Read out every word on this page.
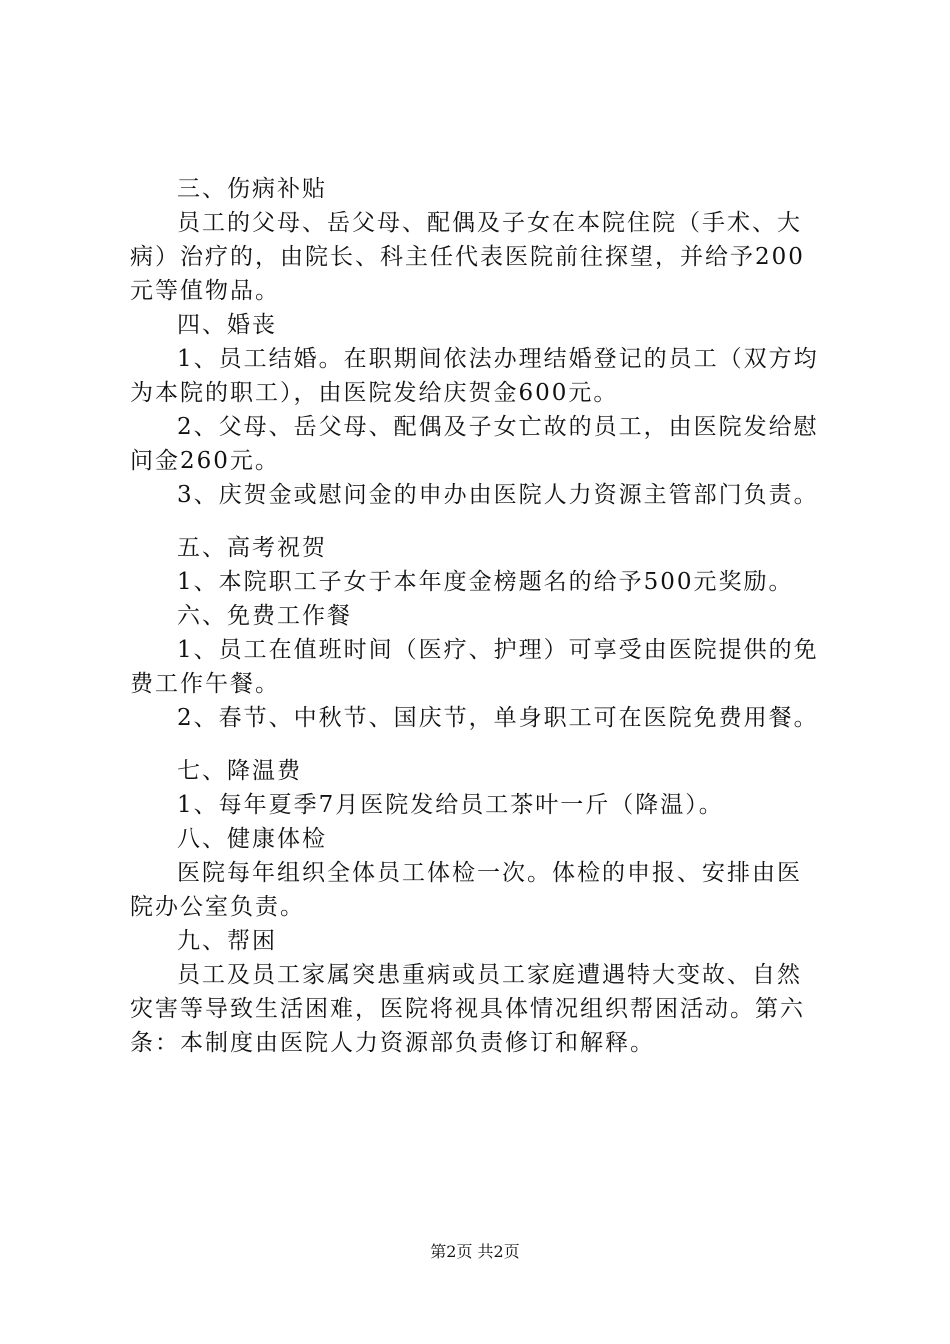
三、伤病补贴
员工的父母、岳父母、配偶及子女在本院住院（手术、大
病）治疗的，由院长、科主任代表医院前往探望，并给予200
元等值物品。
四、婚丧
1、员工结婚。在职期间依法办理结婚登记的员工（双方均
为本院的职工），由医院发给庆贺金600元。
2、父母、岳父母、配偶及子女亡故的员工，由医院发给慰
问金260元。
3、庆贺金或慰问金的申办由医院人力资源主管部门负责。
五、高考祝贺
1、本院职工子女于本年度金榜题名的给予500元奖励。
六、免费工作餐
1、员工在值班时间（医疗、护理）可享受由医院提供的免
费工作午餐。
2、春节、中秋节、国庆节，单身职工可在医院免费用餐。
七、降温费
1、每年夏季7月医院发给员工茶叶一斤（降温）。
八、健康体检
医院每年组织全体员工体检一次。体检的申报、安排由医
院办公室负责。
九、帮困
员工及员工家属突患重病或员工家庭遭遇特大变故、自然
灾害等导致生活困难，医院将视具体情况组织帮困活动。第六
条：本制度由医院人力资源部负责修订和解释。
第2页 共2页
